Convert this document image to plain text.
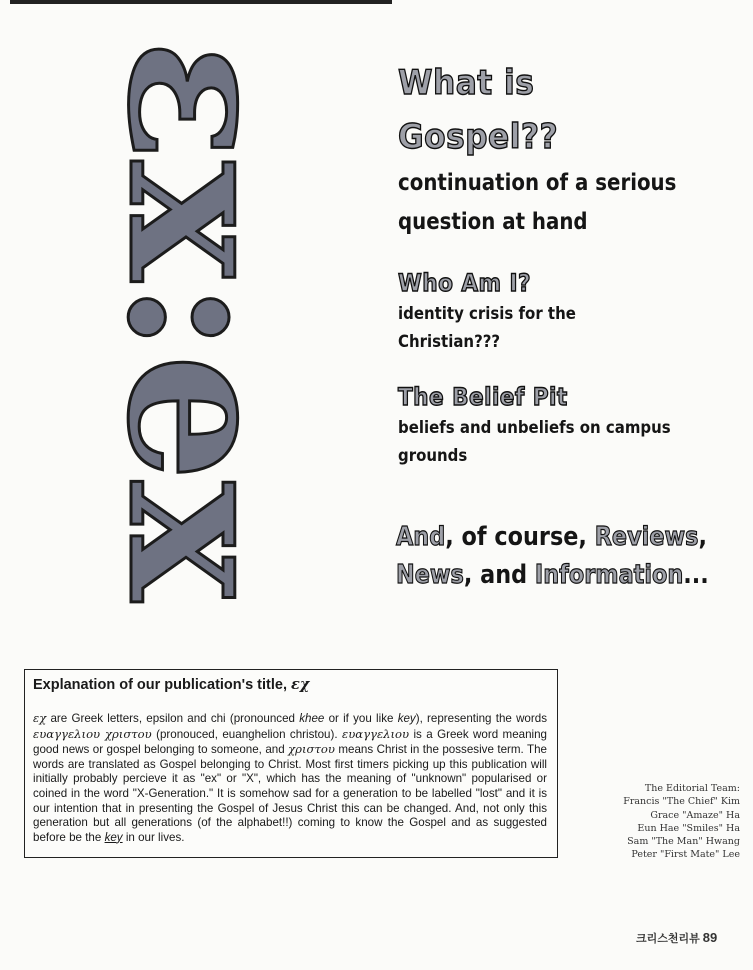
εx:ex What is
Gospel??
continuation of a serious
question at hand
Who Am I?
identity crisis for the
Christian???
The Belief Pit
beliefs and unbeliefs on campus
grounds
And, of course, Reviews,
News, and Information...

Explanation of our publication's title, εχ

εχ are Greek letters, epsilon and chi (pronounced khee or if you like key), representing the words ευαγγελιου χριστου (pronouced, euanghelion christou). ευαγγελιου is a Greek word meaning good news or gospel belonging to someone, and χριστου means Christ in the possesive term. The words are translated as Gospel belonging to Christ. Most first timers picking up this publication will initially probably percieve it as "ex" or "X", which has the meaning of "unknown" popularised or coined in the word "X-Generation." It is somehow sad for a generation to be labelled "lost" and it is our intention that in presenting the Gospel of Jesus Christ this can be changed. And, not only this generation but all generations (of the alphabet!!) coming to know the Gospel and as suggested before be the key in our lives.

The Editorial Team:
Francis "The Chief" Kim
Grace "Amaze" Ha
Eun Hae "Smiles" Ha
Sam "The Man" Hwang
Peter "First Mate" Lee
크리스천리뷰 89
